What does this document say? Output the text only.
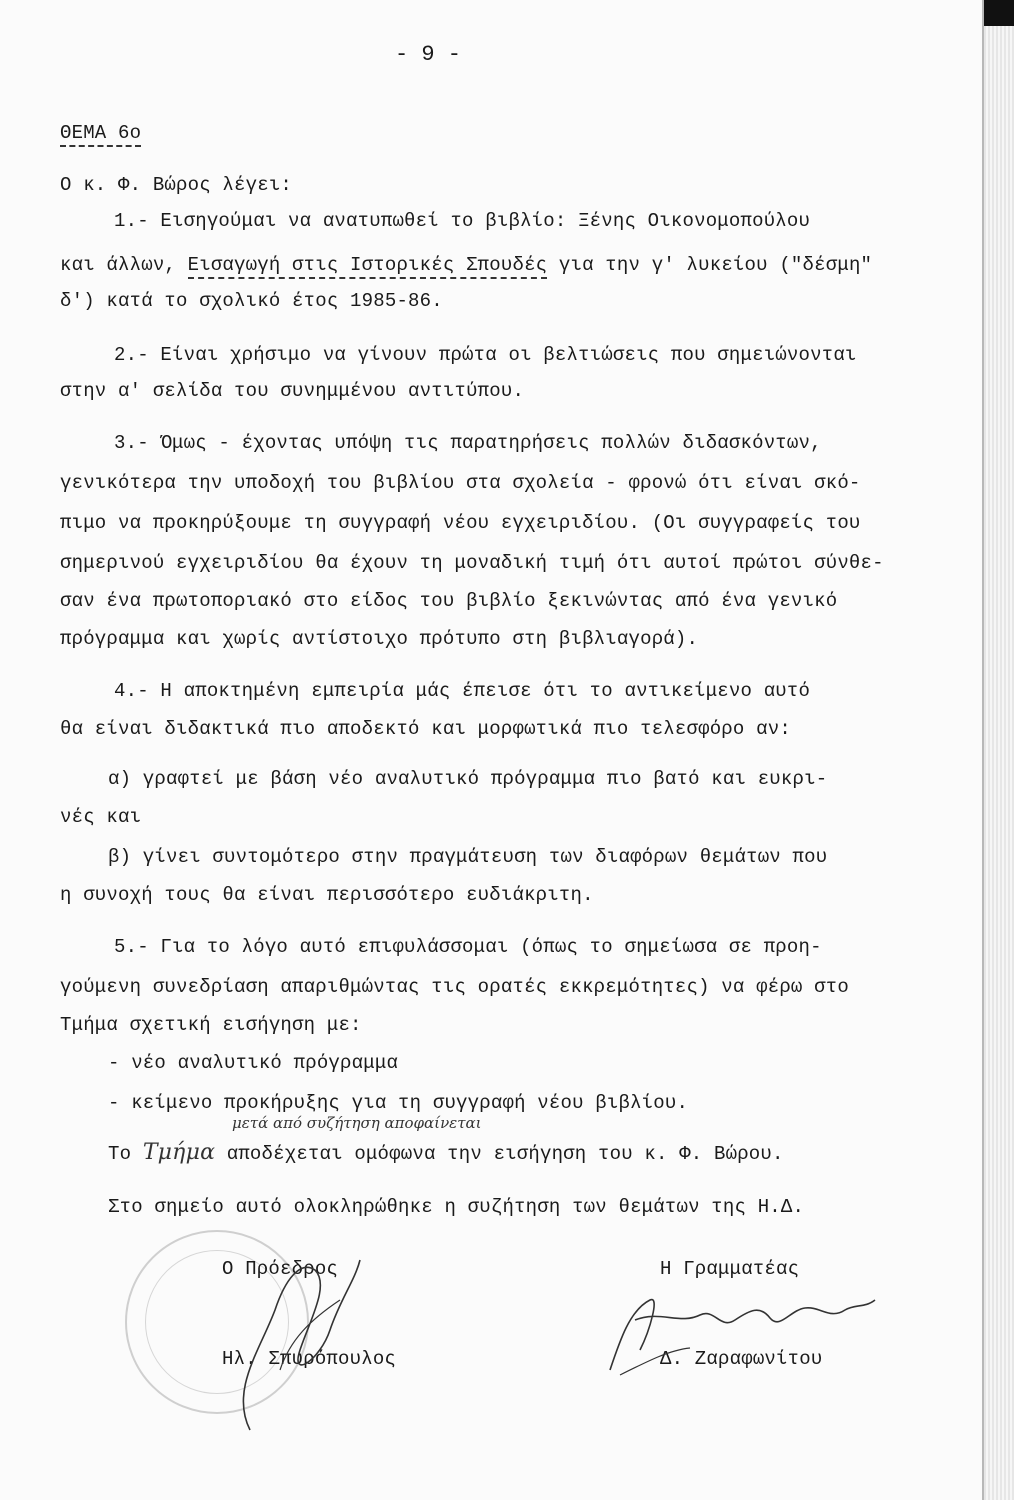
- 9 -
ΘΕΜΑ 6ο
Ο κ. Φ. Βώρος λέγει:
1.- Εισηγούμαι να ανατυπωθεί το βιβλίο: Ξένης Οικονομοπούλου
και άλλων, Εισαγωγή στις Ιστορικές Σπουδές για την γ' λυκείου ("δέσμη"
δ') κατά το σχολικό έτος 1985-86.
2.- Είναι χρήσιμο να γίνουν πρώτα οι βελτιώσεις που σημειώνονται
στην α' σελίδα του συνημμένου αντιτύπου.
3.- Όμως - έχοντας υπόψη τις παρατηρήσεις πολλών διδασκόντων,
γενικότερα την υποδοχή του βιβλίου στα σχολεία - φρονώ ότι είναι σκό-
πιμο να προκηρύξουμε τη συγγραφή νέου εγχειριδίου. (Οι συγγραφείς του
σημερινού εγχειριδίου θα έχουν τη μοναδική τιμή ότι αυτοί πρώτοι σύνθε-
σαν ένα πρωτοποριακό στο είδος του βιβλίο ξεκινώντας από ένα γενικό
πρόγραμμα και χωρίς αντίστοιχο πρότυπο στη βιβλιαγορά).
4.- Η αποκτημένη εμπειρία μάς έπεισε ότι το αντικείμενο αυτό
θα είναι διδακτικά πιο αποδεκτό και μορφωτικά πιο τελεσφόρο αν:
α) γραφτεί με βάση νέο αναλυτικό πρόγραμμα πιο βατό και ευκρι-
νές και
β) γίνει συντομότερο στην πραγμάτευση των διαφόρων θεμάτων που
η συνοχή τους θα είναι περισσότερο ευδιάκριτη.
5.- Για το λόγο αυτό επιφυλάσσομαι (όπως το σημείωσα σε προη-
γούμενη συνεδρίαση απαριθμώντας τις ορατές εκκρεμότητες) να φέρω στο
Τμήμα σχετική εισήγηση με:
- νέο αναλυτικό πρόγραμμα
- κείμενο προκήρυξης για τη συγγραφή νέου βιβλίου.
μετά από συζήτηση αποφαίνεται
Το Τμήμα αποδέχεται ομόφωνα την εισήγηση του κ. Φ. Βώρου.
Στο σημείο αυτό ολοκληρώθηκε η συζήτηση των θεμάτων της Η.Δ.
Ο Πρόεδρος
Ηλ. Σπυρόπουλος
Η Γραμματέας
Δ. Ζαραφωνίτου
